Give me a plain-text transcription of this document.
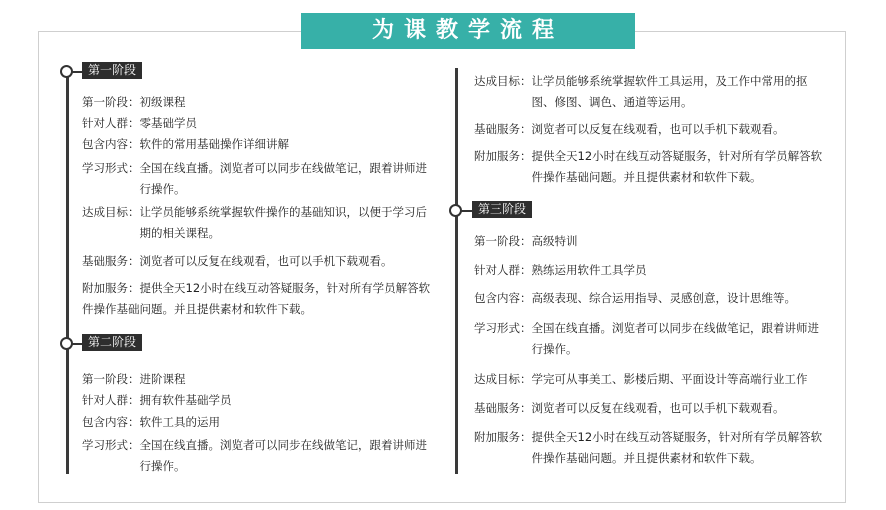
为课教学流程
第一阶段
第二阶段
第一阶段： 初级课程
针对人群： 零基础学员
包含内容： 软件的常用基础操作详细讲解
学习形式： 全国在线直播。浏览者可以同步在线做笔记，跟着讲师进行操作。
达成目标： 让学员能够系统掌握软件操作的基础知识，以便于学习后期的相关课程。
基础服务： 浏览者可以反复在线观看，也可以手机下载观看。
附加服务：提供全天12小时在线互动答疑服务，针对所有学员解答软件操作基础问题。并且提供素材和软件下载。
第一阶段： 进阶课程
针对人群： 拥有软件基础学员
包含内容： 软件工具的运用
学习形式： 全国在线直播。浏览者可以同步在线做笔记，跟着讲师进行操作。
第三阶段
达成目标： 让学员能够系统掌握软件工具运用，及工作中常用的抠图、修图、调色、通道等运用。
基础服务： 浏览者可以反复在线观看，也可以手机下载观看。
附加服务： 提供全天12小时在线互动答疑服务，针对所有学员解答软件操作基础问题。并且提供素材和软件下载。
第一阶段： 高级特训
针对人群： 熟练运用软件工具学员
包含内容： 高级表现、综合运用指导、灵感创意，设计思维等。
学习形式： 全国在线直播。浏览者可以同步在线做笔记，跟着讲师进行操作。
达成目标： 学完可从事美工、影楼后期、平面设计等高端行业工作
基础服务： 浏览者可以反复在线观看，也可以手机下载观看。
附加服务： 提供全天12小时在线互动答疑服务，针对所有学员解答软件操作基础问题。并且提供素材和软件下载。
